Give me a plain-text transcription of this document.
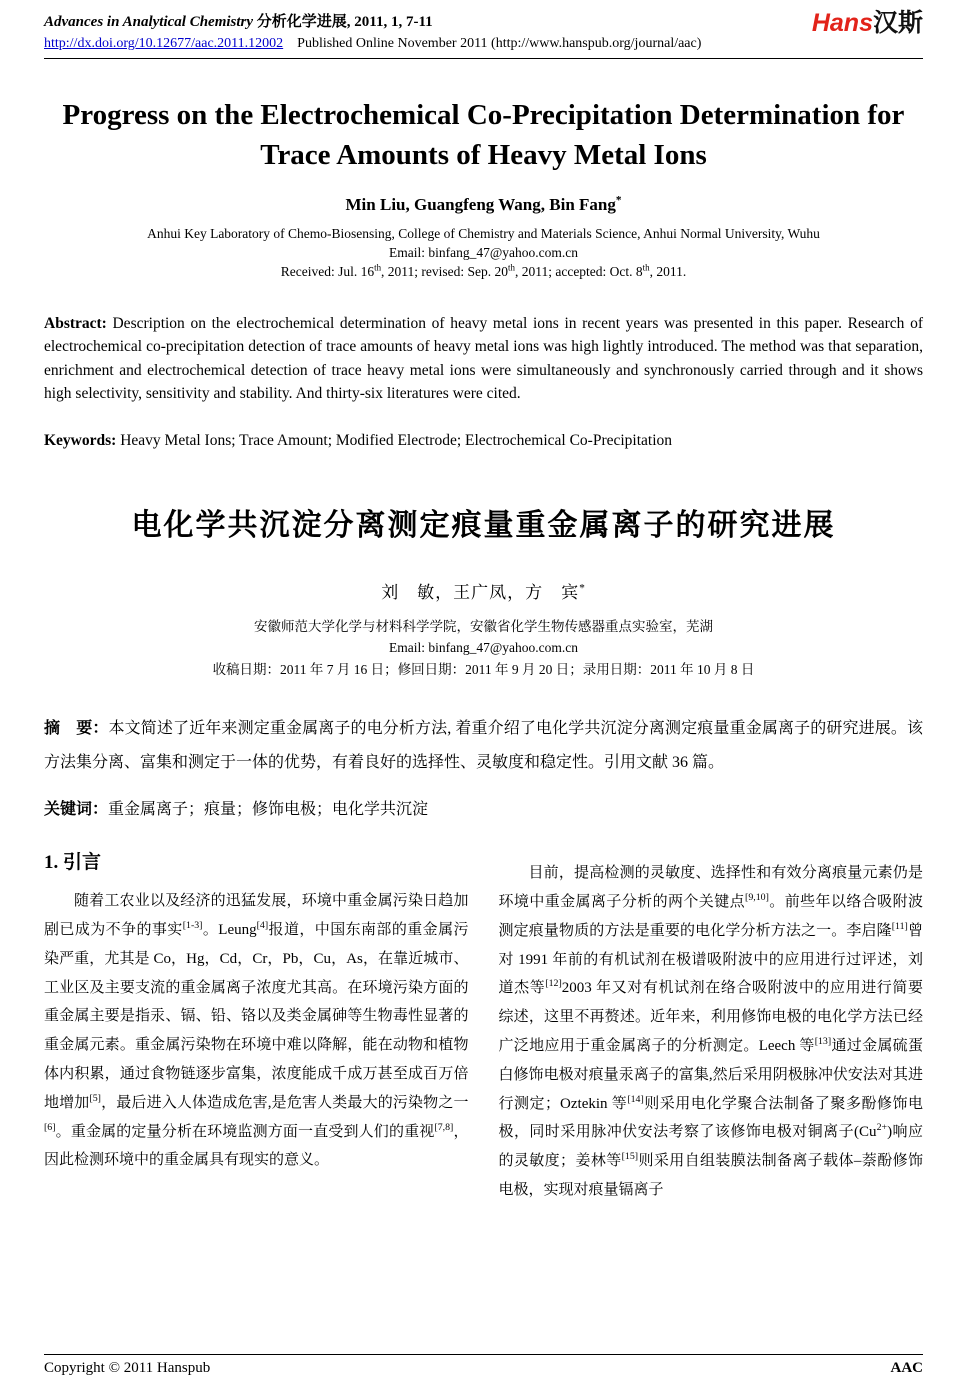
Advances in Analytical Chemistry 分析化学进展, 2011, 1, 7-11
http://dx.doi.org/10.12677/aac.2011.12002 Published Online November 2011 (http://www.hanspub.org/journal/aac)
Hans汉斯
Progress on the Electrochemical Co-Precipitation Determination for Trace Amounts of Heavy Metal Ions
Min Liu, Guangfeng Wang, Bin Fang*
Anhui Key Laboratory of Chemo-Biosensing, College of Chemistry and Materials Science, Anhui Normal University, Wuhu
Email: binfang_47@yahoo.com.cn
Received: Jul. 16th, 2011; revised: Sep. 20th, 2011; accepted: Oct. 8th, 2011.

Abstract: Description on the electrochemical determination of heavy metal ions in recent years was presented in this paper. Research of electrochemical co-precipitation detection of trace amounts of heavy metal ions was high lightly introduced. The method was that separation, enrichment and electrochemical detection of trace heavy metal ions were simultaneously and synchronously carried through and it shows high selectivity, sensitivity and stability. And thirty-six literatures were cited.

Keywords: Heavy Metal Ions; Trace Amount; Modified Electrode; Electrochemical Co-Precipitation

电化学共沉淀分离测定痕量重金属离子的研究进展
刘　敏，王广凤，方　宾*
安徽师范大学化学与材料科学学院，安徽省化学生物传感器重点实验室，芜湖
Email: binfang_47@yahoo.com.cn
收稿日期：2011 年 7 月 16 日；修回日期：2011 年 9 月 20 日；录用日期：2011 年 10 月 8 日

摘　要：本文简述了近年来测定重金属离子的电分析方法, 着重介绍了电化学共沉淀分离测定痕量重金属离子的研究进展。该方法集分离、富集和测定于一体的优势，有着良好的选择性、灵敏度和稳定性。引用文献 36 篇。

关键词：重金属离子；痕量；修饰电极；电化学共沉淀

1. 引言

随着工农业以及经济的迅猛发展，环境中重金属污染日趋加剧已成为不争的事实[1-3]。Leung[4]报道，中国东南部的重金属污染严重，尤其是 Co，Hg，Cd，Cr，Pb，Cu，As，在靠近城市、工业区及主要支流的重金属离子浓度尤其高。在环境污染方面的重金属主要是指汞、镉、铅、铬以及类金属砷等生物毒性显著的重金属元素。重金属污染物在环境中难以降解，能在动物和植物体内积累，通过食物链逐步富集，浓度能成千成万甚至成百万倍地增加[5]，最后进入人体造成危害,是危害人类最大的污染物之一[6]。重金属的定量分析在环境监测方面一直受到人们的重视[7,8]，因此检测环境中的重金属具有现实的意义。

目前，提高检测的灵敏度、选择性和有效分离痕量元素仍是环境中重金属离子分析的两个关键点[9,10]。前些年以络合吸附波测定痕量物质的方法是重要的电化学分析方法之一。李启隆[11]曾对 1991 年前的有机试剂在极谱吸附波中的应用进行过评述，刘道杰等[12]2003 年又对有机试剂在络合吸附波中的应用进行简要综述，这里不再赘述。近年来，利用修饰电极的电化学方法已经广泛地应用于重金属离子的分析测定。Leech 等[13]通过金属硫蛋白修饰电极对痕量汞离子的富集,然后采用阴极脉冲伏安法对其进行测定；Oztekin 等[14]则采用电化学聚合法制备了聚多酚修饰电极，同时采用脉冲伏安法考察了该修饰电极对铜离子$(Cu^{2+})$响应的灵敏度；姜林等[15]则采用自组装膜法制备离子载体–萘酚修饰电极，实现对痕量镉离子

Copyright © 2011 Hanspub	AAC
